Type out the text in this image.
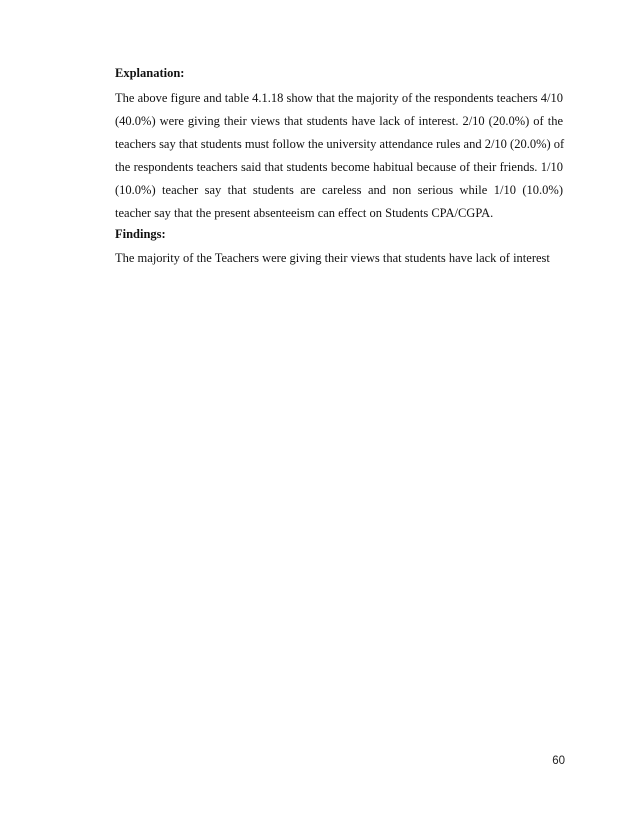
Explanation:
The above figure and table 4.1.18 show that the majority of the respondents teachers 4/10
(40.0%) were giving their views that students have lack of interest. 2/10 (20.0%) of the
teachers say that students must follow the university attendance rules and 2/10 (20.0%) of
the respondents teachers said that students become habitual because of their friends. 1/10
(10.0%) teacher say that students are careless and non serious while 1/10 (10.0%)
teacher say that the present absenteeism can effect on Students CPA/CGPA.
Findings:
The majority of the Teachers were giving their views that students have lack of interest
60
